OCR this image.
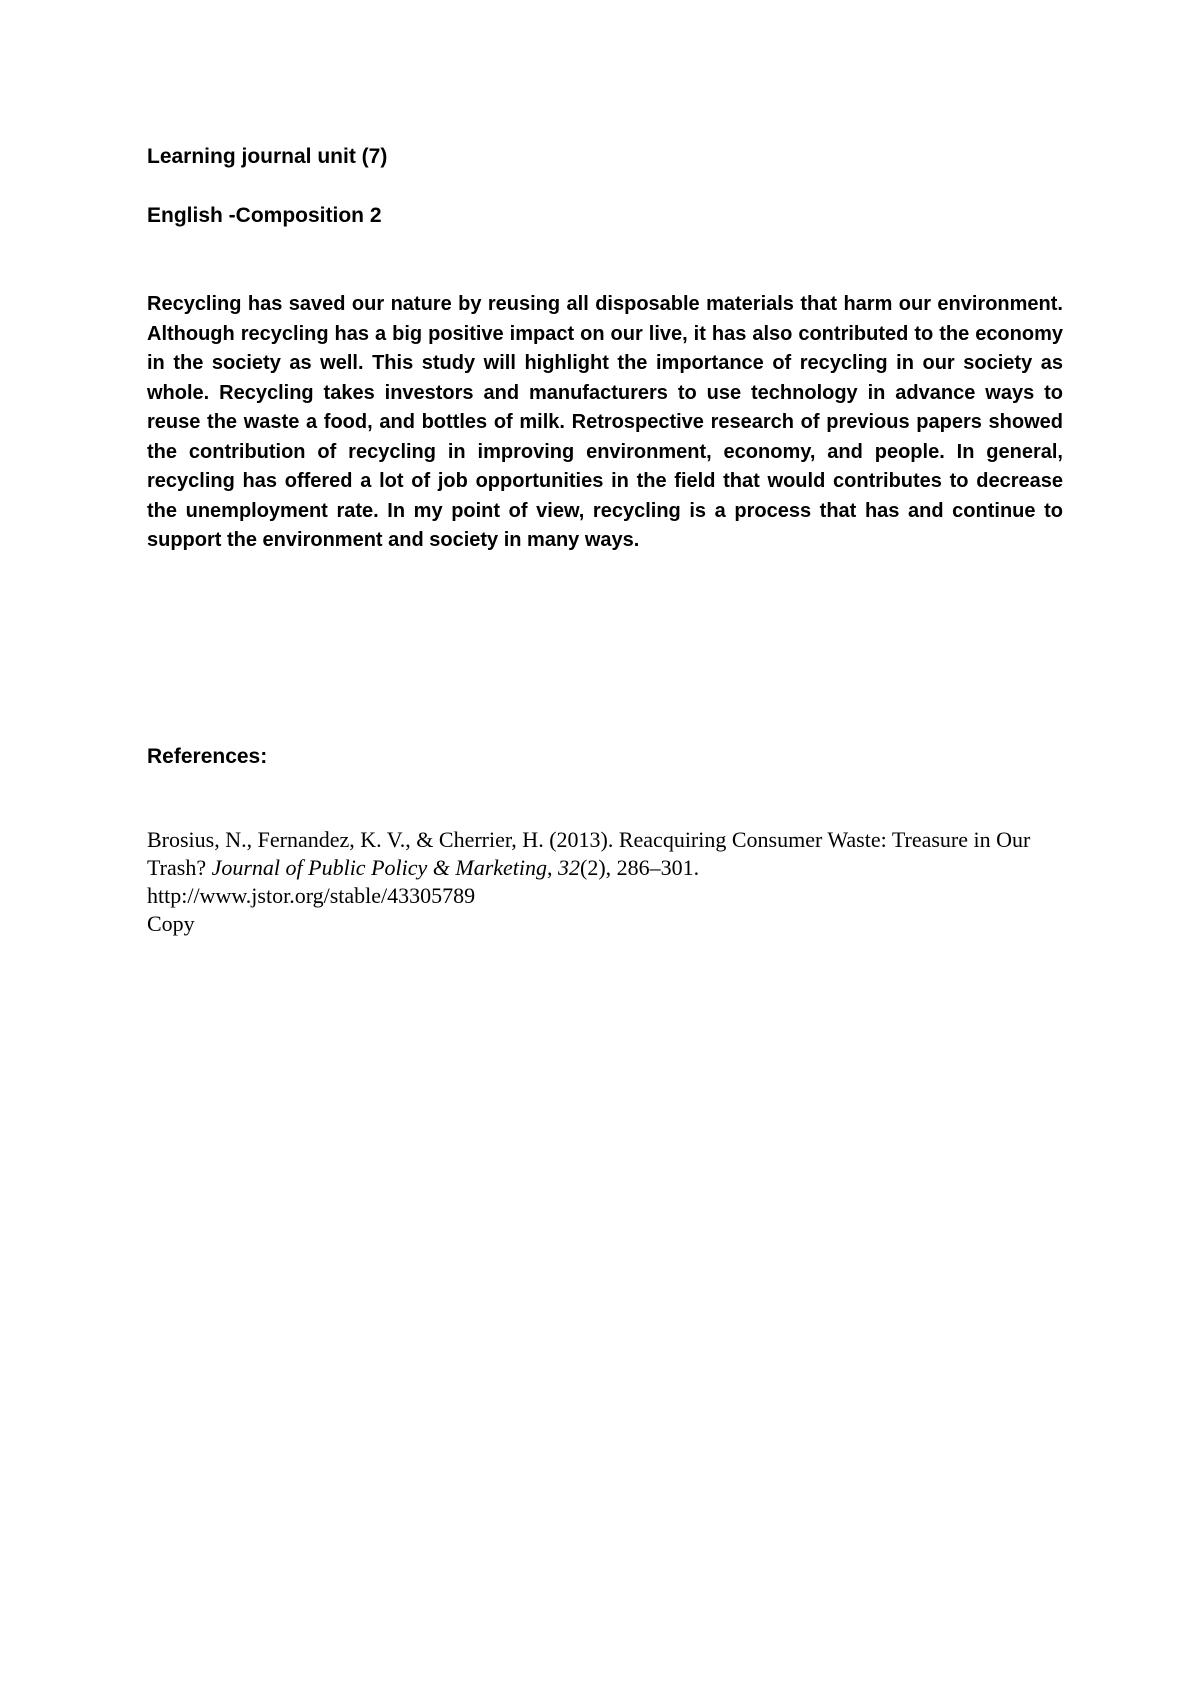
Learning journal unit (7)

English -Composition 2

Recycling has saved our nature by reusing all disposable materials that harm our environment. Although recycling has a big positive impact on our live, it has also contributed to the economy in the society as well. This study will highlight the importance of recycling in our society as whole. Recycling takes investors and manufacturers to use technology in advance ways to reuse the waste a food, and bottles of milk. Retrospective research of previous papers showed the contribution of recycling in improving environment, economy, and people. In general, recycling has offered a lot of job opportunities in the field that would contributes to decrease the unemployment rate. In my point of view, recycling is a process that has and continue to support the environment and society in many ways.

References:

Brosius, N., Fernandez, K. V., & Cherrier, H. (2013). Reacquiring Consumer Waste: Treasure in Our Trash? Journal of Public Policy & Marketing, 32(2), 286–301.
http://www.jstor.org/stable/43305789
Copy
